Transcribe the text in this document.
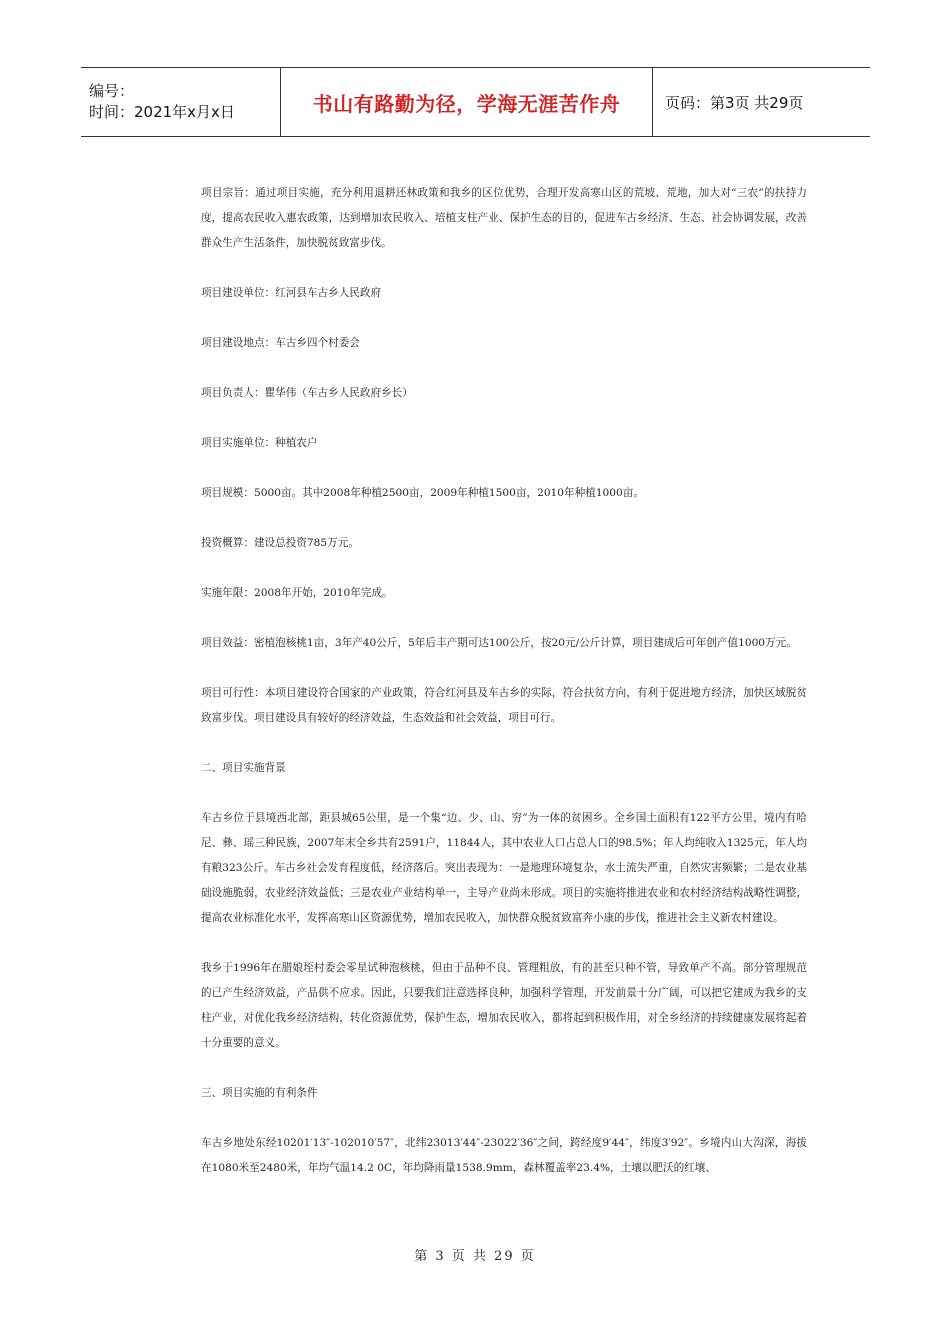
编号：
时间：2021年x月x日	书山有路勤为径，学海无涯苦作舟	页码：第3页 共29页

项目宗旨：通过项目实施，充分利用退耕还林政策和我乡的区位优势，合理开发高寒山区的荒坡、荒地，加大对“三农”的扶持力度，提高农民收入惠农政策，达到增加农民收入、培植支柱产业、保护生态的目的，促进车古乡经济、生态、社会协调发展，改善群众生产生活条件，加快脱贫致富步伐。

项目建设单位：红河县车古乡人民政府

项目建设地点：车古乡四个村委会

项目负责人：瞿华伟（车古乡人民政府乡长）

项目实施单位：种植农户

项目规模：5000亩。其中2008年种植2500亩，2009年种植1500亩，2010年种植1000亩。

投资概算：建设总投资785万元。

实施年限：2008年开始，2010年完成。

项目效益：密植泡核桃1亩，3年产40公斤，5年后丰产期可达100公斤，按20元/公斤计算，项目建成后可年创产值1000万元。

项目可行性：本项目建设符合国家的产业政策，符合红河县及车古乡的实际，符合扶贫方向，有利于促进地方经济，加快区域脱贫致富步伐。项目建设具有较好的经济效益，生态效益和社会效益，项目可行。

二、项目实施背景

车古乡位于县境西北部，距县城65公里，是一个集“边、少、山、穷”为一体的贫困乡。全乡国土面积有122平方公里，境内有哈尼、彝、瑶三种民族，2007年末全乡共有2591户，11844人，其中农业人口占总人口的98.5%；年人均纯收入1325元，年人均有粮323公斤。车古乡社会发育程度低，经济落后。突出表现为：一是地理环境复杂，水土流失严重，自然灾害频繁；二是农业基础设施脆弱，农业经济效益低；三是农业产业结构单一，主导产业尚未形成。项目的实施将推进农业和农村经济结构战略性调整，提高农业标准化水平，发挥高寒山区资源优势，增加农民收入，加快群众脱贫致富奔小康的步伐，推进社会主义新农村建设。

我乡于1996年在腊娘垤村委会零星试种泡核桃，但由于品种不良、管理粗放，有的甚至只种不管，导致单产不高。部分管理规范的已产生经济效益，产品供不应求。因此，只要我们注意选择良种，加强科学管理，开发前景十分广阔，可以把它建成为我乡的支柱产业，对优化我乡经济结构，转化资源优势，保护生态，增加农民收入，都将起到积极作用，对全乡经济的持续健康发展将起着十分重要的意义。

三、项目实施的有利条件

车古乡地处东经10201′13″-102010′57″，北纬23013′44″-23022′36″之间，跨经度9′44″，纬度3′92″。乡境内山大沟深，海拔在1080米至2480米，年均气温14.2 0C，年均降雨量1538.9mm，森林覆盖率23.4%，土壤以肥沃的红壤、

第 3 页 共 29 页
